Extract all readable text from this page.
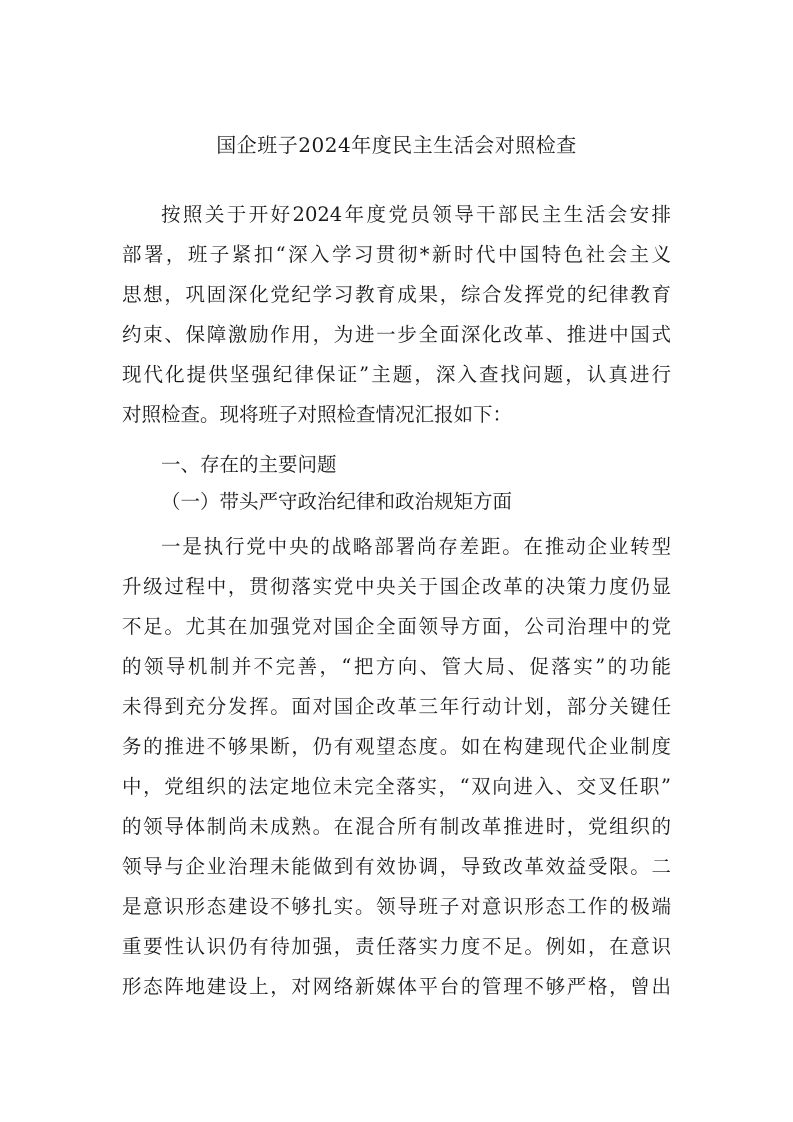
国企班子2024年度民主生活会对照检查
按照关于开好2024年度党员领导干部民主生活会安排
部署，班子紧扣“深入学习贯彻*新时代中国特色社会主义
思想，巩固深化党纪学习教育成果，综合发挥党的纪律教育
约束、保障激励作用，为进一步全面深化改革、推进中国式
现代化提供坚强纪律保证”主题，深入查找问题，认真进行
对照检查。现将班子对照检查情况汇报如下：
一、存在的主要问题
（一）带头严守政治纪律和政治规矩方面
一是执行党中央的战略部署尚存差距。在推动企业转型
升级过程中，贯彻落实党中央关于国企改革的决策力度仍显
不足。尤其在加强党对国企全面领导方面，公司治理中的党
的领导机制并不完善，“把方向、管大局、促落实”的功能
未得到充分发挥。面对国企改革三年行动计划，部分关键任
务的推进不够果断，仍有观望态度。如在构建现代企业制度
中，党组织的法定地位未完全落实，“双向进入、交叉任职”
的领导体制尚未成熟。在混合所有制改革推进时，党组织的
领导与企业治理未能做到有效协调，导致改革效益受限。二
是意识形态建设不够扎实。领导班子对意识形态工作的极端
重要性认识仍有待加强，责任落实力度不足。例如，在意识
形态阵地建设上，对网络新媒体平台的管理不够严格，曾出
